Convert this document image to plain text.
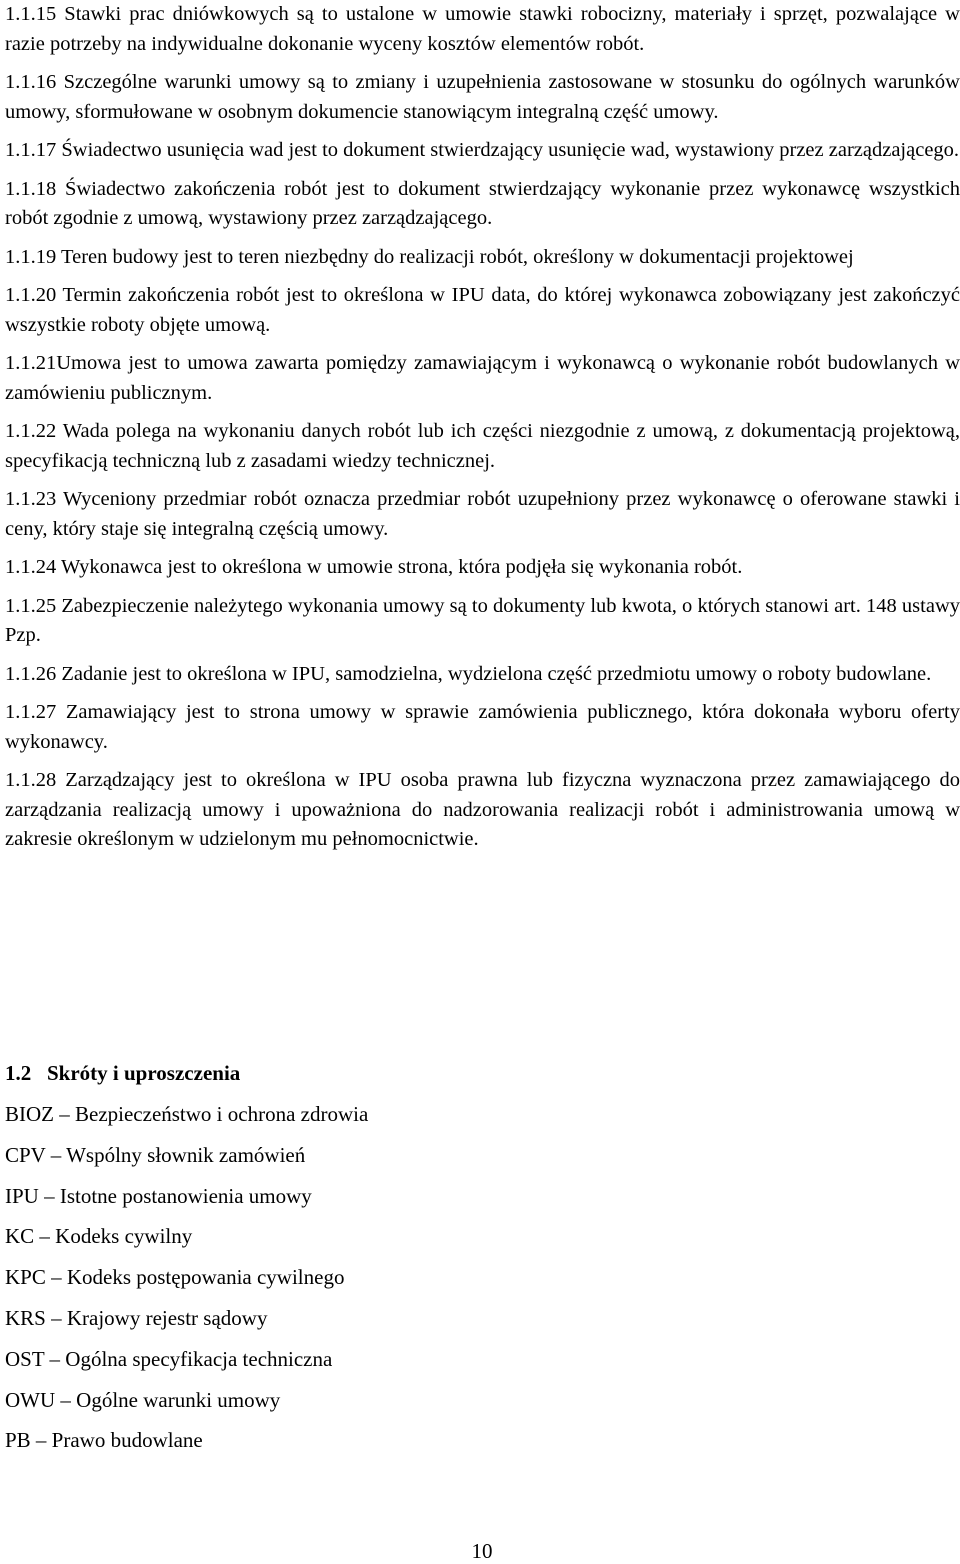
1.1.15 Stawki prac dniówkowych są to ustalone w umowie stawki robocizny, materiały i sprzęt, pozwalające w razie potrzeby na indywidualne dokonanie wyceny kosztów elementów robót.

1.1.16 Szczególne warunki umowy są to zmiany i uzupełnienia zastosowane w stosunku do ogólnych warunków umowy, sformułowane w osobnym dokumencie stanowiącym integralną część umowy.

1.1.17 Świadectwo usunięcia wad jest to dokument stwierdzający usunięcie wad, wystawiony przez zarządzającego.

1.1.18 Świadectwo zakończenia robót jest to dokument stwierdzający wykonanie przez wykonawcę wszystkich robót zgodnie z umową, wystawiony przez zarządzającego.

1.1.19 Teren budowy jest to teren niezbędny do realizacji robót, określony w dokumentacji projektowej

1.1.20 Termin zakończenia robót jest to określona w IPU data, do której wykonawca zobowiązany jest zakończyć wszystkie roboty objęte umową.

1.1.21Umowa jest to umowa zawarta pomiędzy zamawiającym i wykonawcą o wykonanie robót budowlanych w zamówieniu publicznym.

1.1.22 Wada polega na wykonaniu danych robót lub ich części niezgodnie z umową, z dokumentacją projektową, specyfikacją techniczną lub z zasadami wiedzy technicznej.

1.1.23 Wyceniony przedmiar robót oznacza przedmiar robót uzupełniony przez wykonawcę o oferowane stawki i ceny, który staje się integralną częścią umowy.

1.1.24 Wykonawca jest to określona w umowie strona, która podjęła się wykonania robót.

1.1.25 Zabezpieczenie należytego wykonania umowy są to dokumenty lub kwota, o których stanowi art. 148 ustawy Pzp.

1.1.26 Zadanie jest to określona w IPU, samodzielna, wydzielona część przedmiotu umowy o roboty budowlane.

1.1.27 Zamawiający jest to strona umowy w sprawie zamówienia publicznego, która dokonała wyboru oferty wykonawcy.

1.1.28 Zarządzający jest to określona w IPU osoba prawna lub fizyczna wyznaczona przez zamawiającego do zarządzania realizacją umowy i upoważniona do nadzorowania realizacji robót i administrowania umową w zakresie określonym w udzielonym mu pełnomocnictwie.

1.2 Skróty i uproszczenia
BIOZ – Bezpieczeństwo i ochrona zdrowia
CPV – Wspólny słownik zamówień
IPU – Istotne postanowienia umowy
KC – Kodeks cywilny
KPC – Kodeks postępowania cywilnego
KRS – Krajowy rejestr sądowy
OST – Ogólna specyfikacja techniczna
OWU – Ogólne warunki umowy
PB – Prawo budowlane
10
